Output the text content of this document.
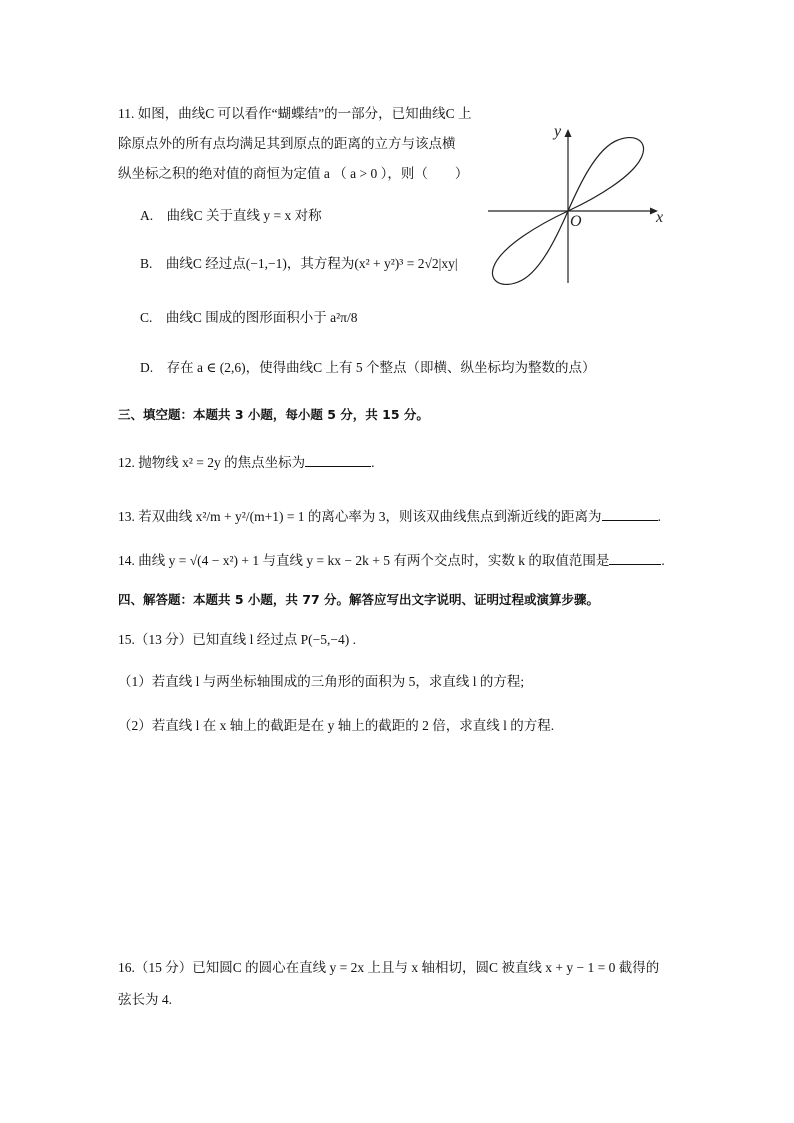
11. 如图，曲线C 可以看作“蝴蝶结”的一部分，已知曲线C 上
除原点外的所有点均满足其到原点的距离的立方与该点横
纵坐标之积的绝对值的商恒为定值 a （ a > 0 ），则（　　）
A.　曲线C 关于直线 y = x 对称
B.　曲线C 经过点(−1,−1)，其方程为(x² + y²)³ = 2√2|xy|
C.　曲线C 围成的图形面积小于 a²π/8
D.　存在 a ∈ (2,6)，使得曲线C 上有 5 个整点（即横、纵坐标均为整数的点）
x
y
O
三、填空题：本题共 3 小题，每小题 5 分，共 15 分。
12. 抛物线 x² = 2y 的焦点坐标为	.
13. 若双曲线 x²/m + y²/(m+1) = 1 的离心率为 3，则该双曲线焦点到渐近线的距离为	.
14. 曲线 y = √(4 − x²) + 1 与直线 y = kx − 2k + 5 有两个交点时，实数 k 的取值范围是	.
四、解答题：本题共 5 小题，共 77 分。解答应写出文字说明、证明过程或演算步骤。
15.（13 分）已知直线 l 经过点 P(−5,−4) .
（1）若直线 l 与两坐标轴围成的三角形的面积为 5，求直线 l 的方程;
（2）若直线 l 在 x 轴上的截距是在 y 轴上的截距的 2 倍，求直线 l 的方程.
16.（15 分）已知圆C 的圆心在直线 y = 2x 上且与 x 轴相切，圆C 被直线 x + y − 1 = 0 截得的
弦长为 4.
